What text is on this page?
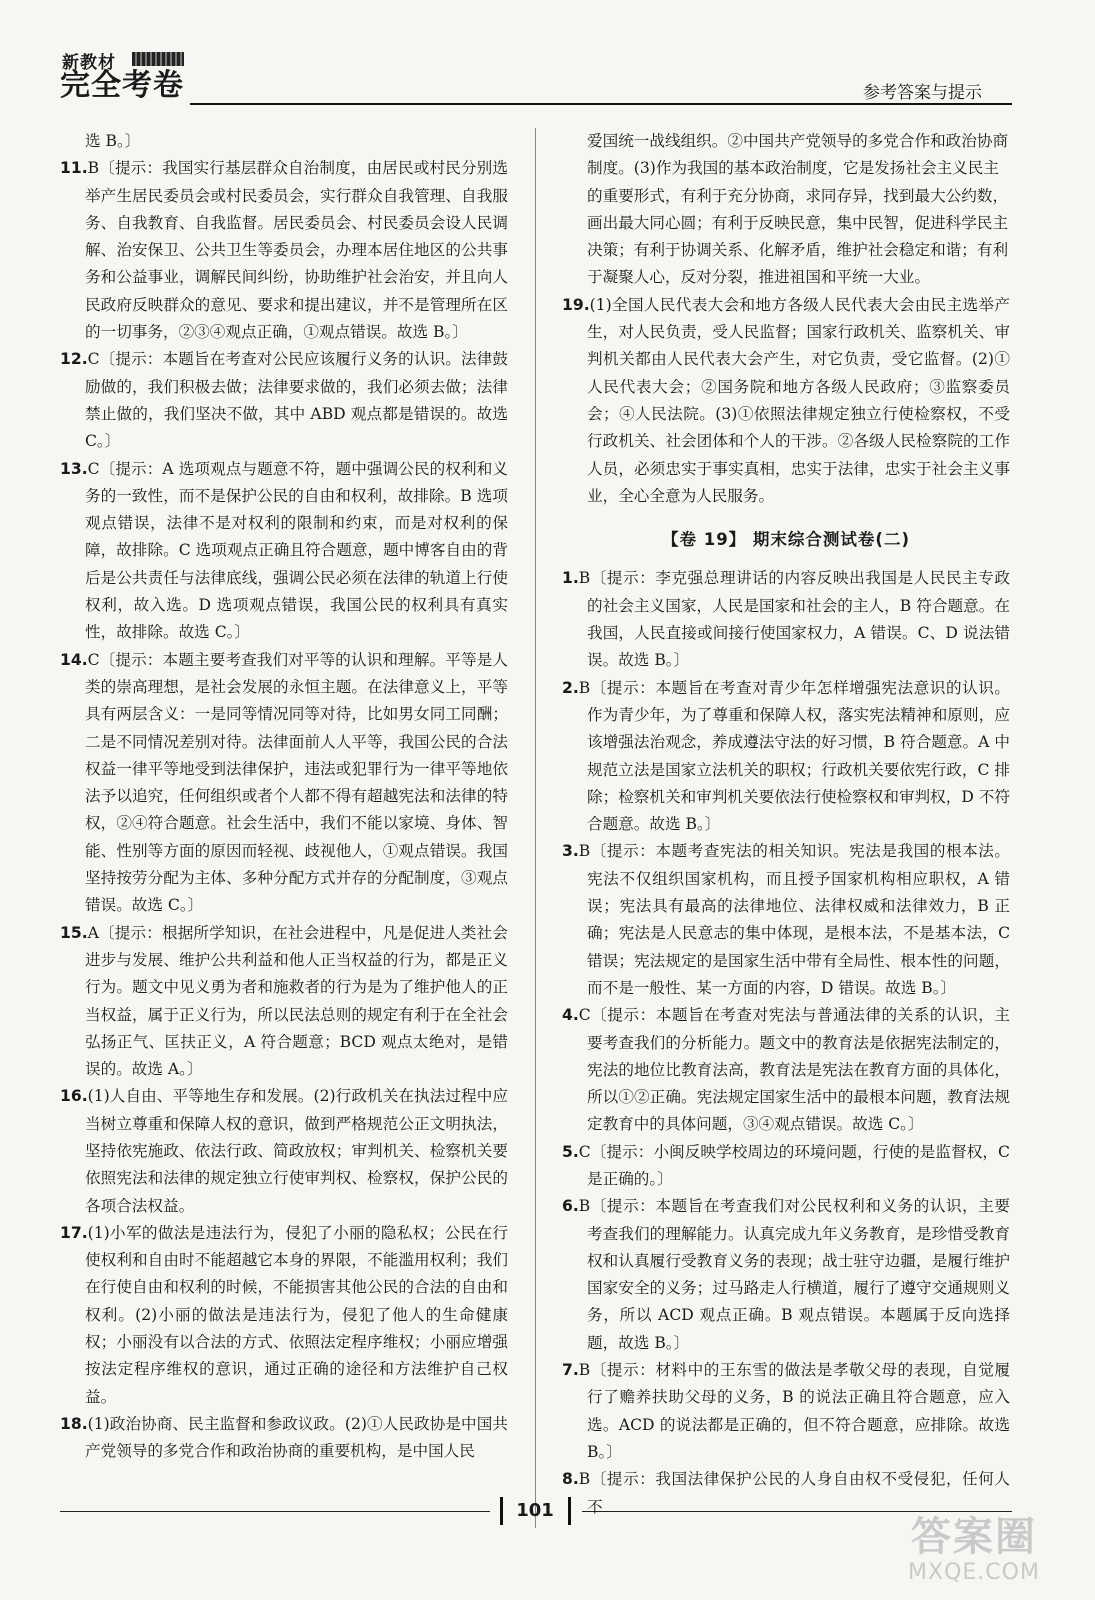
新教材
完全考卷	参考答案与提示

选 B。〕

11.B〔提示：我国实行基层群众自治制度，由居民或村民分别选举产生居民委员会或村民委员会，实行群众自我管理、自我服务、自我教育、自我监督。居民委员会、村民委员会设人民调解、治安保卫、公共卫生等委员会，办理本居住地区的公共事务和公益事业，调解民间纠纷，协助维护社会治安，并且向人民政府反映群众的意见、要求和提出建议，并不是管理所在区的一切事务，②③④观点正确，①观点错误。故选 B。〕

12.C〔提示：本题旨在考查对公民应该履行义务的认识。法律鼓励做的，我们积极去做；法律要求做的，我们必须去做；法律禁止做的，我们坚决不做，其中 ABD 观点都是错误的。故选 C。〕

13.C〔提示：A 选项观点与题意不符，题中强调公民的权利和义务的一致性，而不是保护公民的自由和权利，故排除。B 选项观点错误，法律不是对权利的限制和约束，而是对权利的保障，故排除。C 选项观点正确且符合题意，题中博客自由的背后是公共责任与法律底线，强调公民必须在法律的轨道上行使权利，故入选。D 选项观点错误，我国公民的权利具有真实性，故排除。故选 C。〕

14.C〔提示：本题主要考查我们对平等的认识和理解。平等是人类的崇高理想，是社会发展的永恒主题。在法律意义上，平等具有两层含义：一是同等情况同等对待，比如男女同工同酬；二是不同情况差别对待。法律面前人人平等，我国公民的合法权益一律平等地受到法律保护，违法或犯罪行为一律平等地依法予以追究，任何组织或者个人都不得有超越宪法和法律的特权，②④符合题意。社会生活中，我们不能以家境、身体、智能、性别等方面的原因而轻视、歧视他人，①观点错误。我国坚持按劳分配为主体、多种分配方式并存的分配制度，③观点错误。故选 C。〕

15.A〔提示：根据所学知识，在社会进程中，凡是促进人类社会进步与发展、维护公共利益和他人正当权益的行为，都是正义行为。题文中见义勇为者和施救者的行为是为了维护他人的正当权益，属于正义行为，所以民法总则的规定有利于在全社会弘扬正气、匡扶正义，A 符合题意；BCD 观点太绝对，是错误的。故选 A。〕

16.(1)人自由、平等地生存和发展。(2)行政机关在执法过程中应当树立尊重和保障人权的意识，做到严格规范公正文明执法，坚持依宪施政、依法行政、简政放权；审判机关、检察机关要依照宪法和法律的规定独立行使审判权、检察权，保护公民的各项合法权益。

17.(1)小军的做法是违法行为，侵犯了小丽的隐私权；公民在行使权利和自由时不能超越它本身的界限，不能滥用权利；我们在行使自由和权利的时候，不能损害其他公民的合法的自由和权利。(2)小丽的做法是违法行为，侵犯了他人的生命健康权；小丽没有以合法的方式、依照法定程序维权；小丽应增强按法定程序维权的意识，通过正确的途径和方法维护自己权益。

18.(1)政治协商、民主监督和参政议政。(2)①人民政协是中国共产党领导的多党合作和政治协商的重要机构，是中国人民

爱国统一战线组织。②中国共产党领导的多党合作和政治协商制度。(3)作为我国的基本政治制度，它是发扬社会主义民主的重要形式，有利于充分协商，求同存异，找到最大公约数，画出最大同心圆；有利于反映民意，集中民智，促进科学民主决策；有利于协调关系、化解矛盾，维护社会稳定和谐；有利于凝聚人心，反对分裂，推进祖国和平统一大业。

19.(1)全国人民代表大会和地方各级人民代表大会由民主选举产生，对人民负责，受人民监督；国家行政机关、监察机关、审判机关都由人民代表大会产生，对它负责，受它监督。(2)①人民代表大会；②国务院和地方各级人民政府；③监察委员会；④人民法院。(3)①依照法律规定独立行使检察权，不受行政机关、社会团体和个人的干涉。②各级人民检察院的工作人员，必须忠实于事实真相，忠实于法律，忠实于社会主义事业，全心全意为人民服务。

【卷 19】 期末综合测试卷(二)

1.B〔提示：李克强总理讲话的内容反映出我国是人民民主专政的社会主义国家，人民是国家和社会的主人，B 符合题意。在我国，人民直接或间接行使国家权力，A 错误。C、D 说法错误。故选 B。〕

2.B〔提示：本题旨在考查对青少年怎样增强宪法意识的认识。作为青少年，为了尊重和保障人权，落实宪法精神和原则，应该增强法治观念，养成遵法守法的好习惯，B 符合题意。A 中规范立法是国家立法机关的职权；行政机关要依宪行政，C 排除；检察机关和审判机关要依法行使检察权和审判权，D 不符合题意。故选 B。〕

3.B〔提示：本题考查宪法的相关知识。宪法是我国的根本法。宪法不仅组织国家机构，而且授予国家机构相应职权，A 错误；宪法具有最高的法律地位、法律权威和法律效力，B 正确；宪法是人民意志的集中体现，是根本法，不是基本法，C 错误；宪法规定的是国家生活中带有全局性、根本性的问题，而不是一般性、某一方面的内容，D 错误。故选 B。〕

4.C〔提示：本题旨在考查对宪法与普通法律的关系的认识，主要考查我们的分析能力。题文中的教育法是依据宪法制定的，宪法的地位比教育法高，教育法是宪法在教育方面的具体化，所以①②正确。宪法规定国家生活中的最根本问题，教育法规定教育中的具体问题，③④观点错误。故选 C。〕

5.C〔提示：小闽反映学校周边的环境问题，行使的是监督权，C 是正确的。〕

6.B〔提示：本题旨在考查我们对公民权利和义务的认识，主要考查我们的理解能力。认真完成九年义务教育，是珍惜受教育权和认真履行受教育义务的表现；战士驻守边疆，是履行维护国家安全的义务；过马路走人行横道，履行了遵守交通规则义务，所以 ACD 观点正确。B 观点错误。本题属于反向选择题，故选 B。〕

7.B〔提示：材料中的王东雪的做法是孝敬父母的表现，自觉履行了赡养扶助父母的义务，B 的说法正确且符合题意，应入选。ACD 的说法都是正确的，但不符合题意，应排除。故选 B。〕

8.B〔提示：我国法律保护公民的人身自由权不受侵犯，任何人不

101
答案圈
MXQE.COM
